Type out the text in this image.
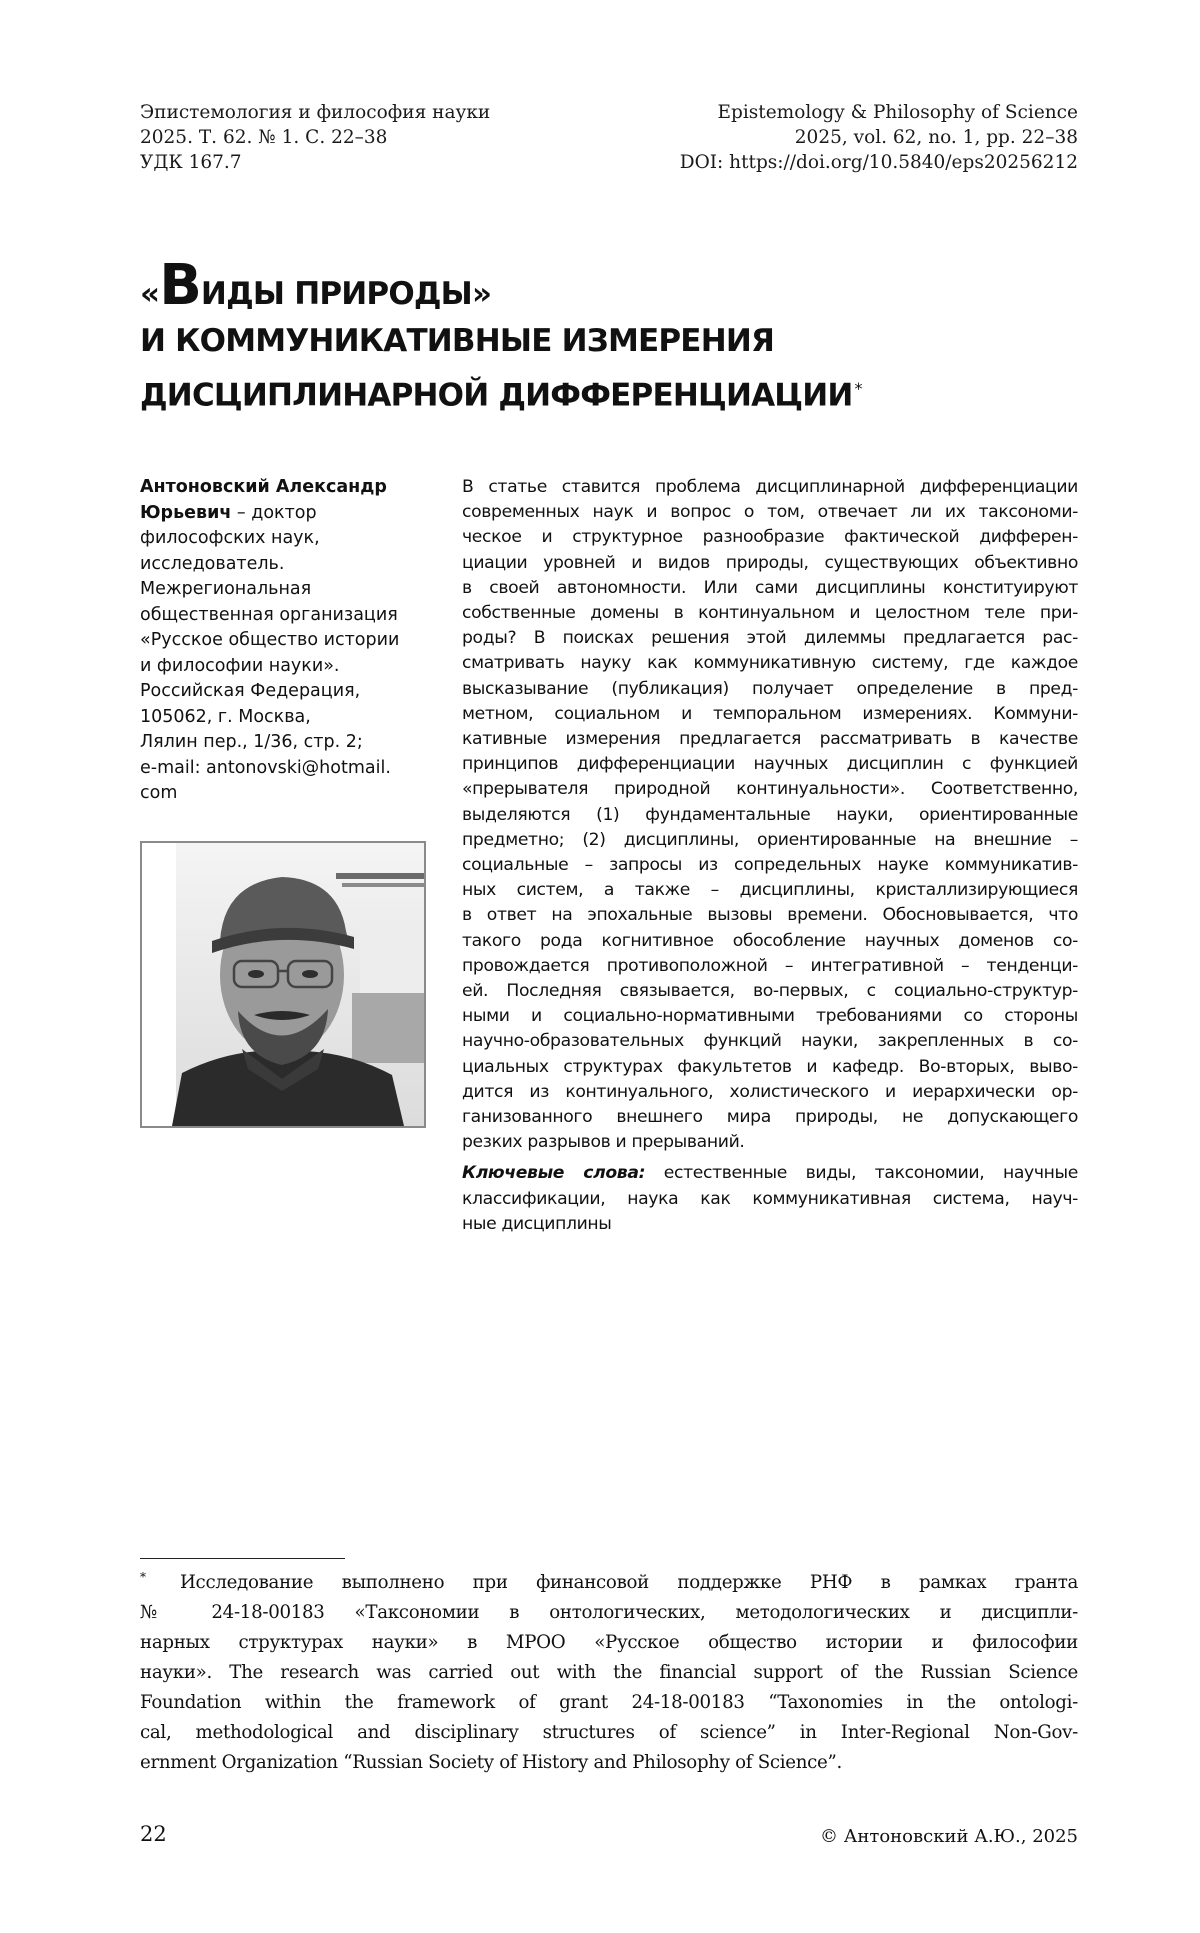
Эпистемология и философия науки
2025. Т. 62. № 1. С. 22–38
УДК 167.7
Epistemology & Philosophy of Science
2025, vol. 62, no. 1, pp. 22–38
DOI: https://doi.org/10.5840/eps20256212
«ВИДЫ ПРИРОДЫ»
И КОММУНИКАТИВНЫЕ ИЗМЕРЕНИЯ
ДИСЦИПЛИНАРНОЙ ДИФФЕРЕНЦИАЦИИ *
Антоновский Александр
Юрьевич – доктор
философских наук,
исследователь.
Межрегиональная
общественная организация
«Русское общество истории
и философии науки».
Российская Федерация,
105062, г. Москва,
Лялин пер., 1/36, стр. 2;
e-mail: antonovski@hotmail.
com
В статье ставится проблема дисциплинарной дифференциации
современных наук и вопрос о том, отвечает ли их таксономи-
ческое и структурное разнообразие фактической дифферен-
циации уровней и видов природы, существующих объективно
в своей автономности. Или сами дисциплины конституируют
собственные домены в континуальном и целостном теле при-
роды? В поисках решения этой дилеммы предлагается рас-
сматривать науку как коммуникативную систему, где каждое
высказывание (публикация) получает определение в пред-
метном, социальном и темпоральном измерениях. Коммуни-
кативные измерения предлагается рассматривать в качестве
принципов дифференциации научных дисциплин с функцией
«прерывателя природной континуальности». Соответственно,
выделяются (1) фундаментальные науки, ориентированные
предметно; (2) дисциплины, ориентированные на внешние –
социальные – запросы из сопредельных науке коммуникатив-
ных систем, а также – дисциплины, кристаллизирующиеся
в ответ на эпохальные вызовы времени. Обосновывается, что
такого рода когнитивное обособление научных доменов со-
провождается противоположной – интегративной – тенденци-
ей. Последняя связывается, во-первых, с социально-структур-
ными и социально-нормативными требованиями со стороны
научно-образовательных функций науки, закрепленных в со-
циальных структурах факультетов и кафедр. Во-вторых, выво-
дится из континуального, холистического и иерархически ор-
ганизованного внешнего мира природы, не допускающего
резких разрывов и прерываний.
Ключевые слова: естественные виды, таксономии, научные
классификации, наука как коммуникативная система, науч-
ные дисциплины
*	Исследование выполнено при финансовой поддержке РНФ в рамках гранта
№ 24-18-00183 «Таксономии в онтологических, методологических и дисципли-
нарных структурах науки» в МРОО «Русское общество истории и философии
науки». The research was carried out with the financial support of the Russian Science
Foundation within the framework of grant 24-18-00183 “Taxonomies in the ontologi-
cal, methodological and disciplinary structures of science” in Inter-Regional Non-Gov-
ernment Organization “Russian Society of History and Philosophy of Science”.
22	© Антоновский А.Ю., 2025
